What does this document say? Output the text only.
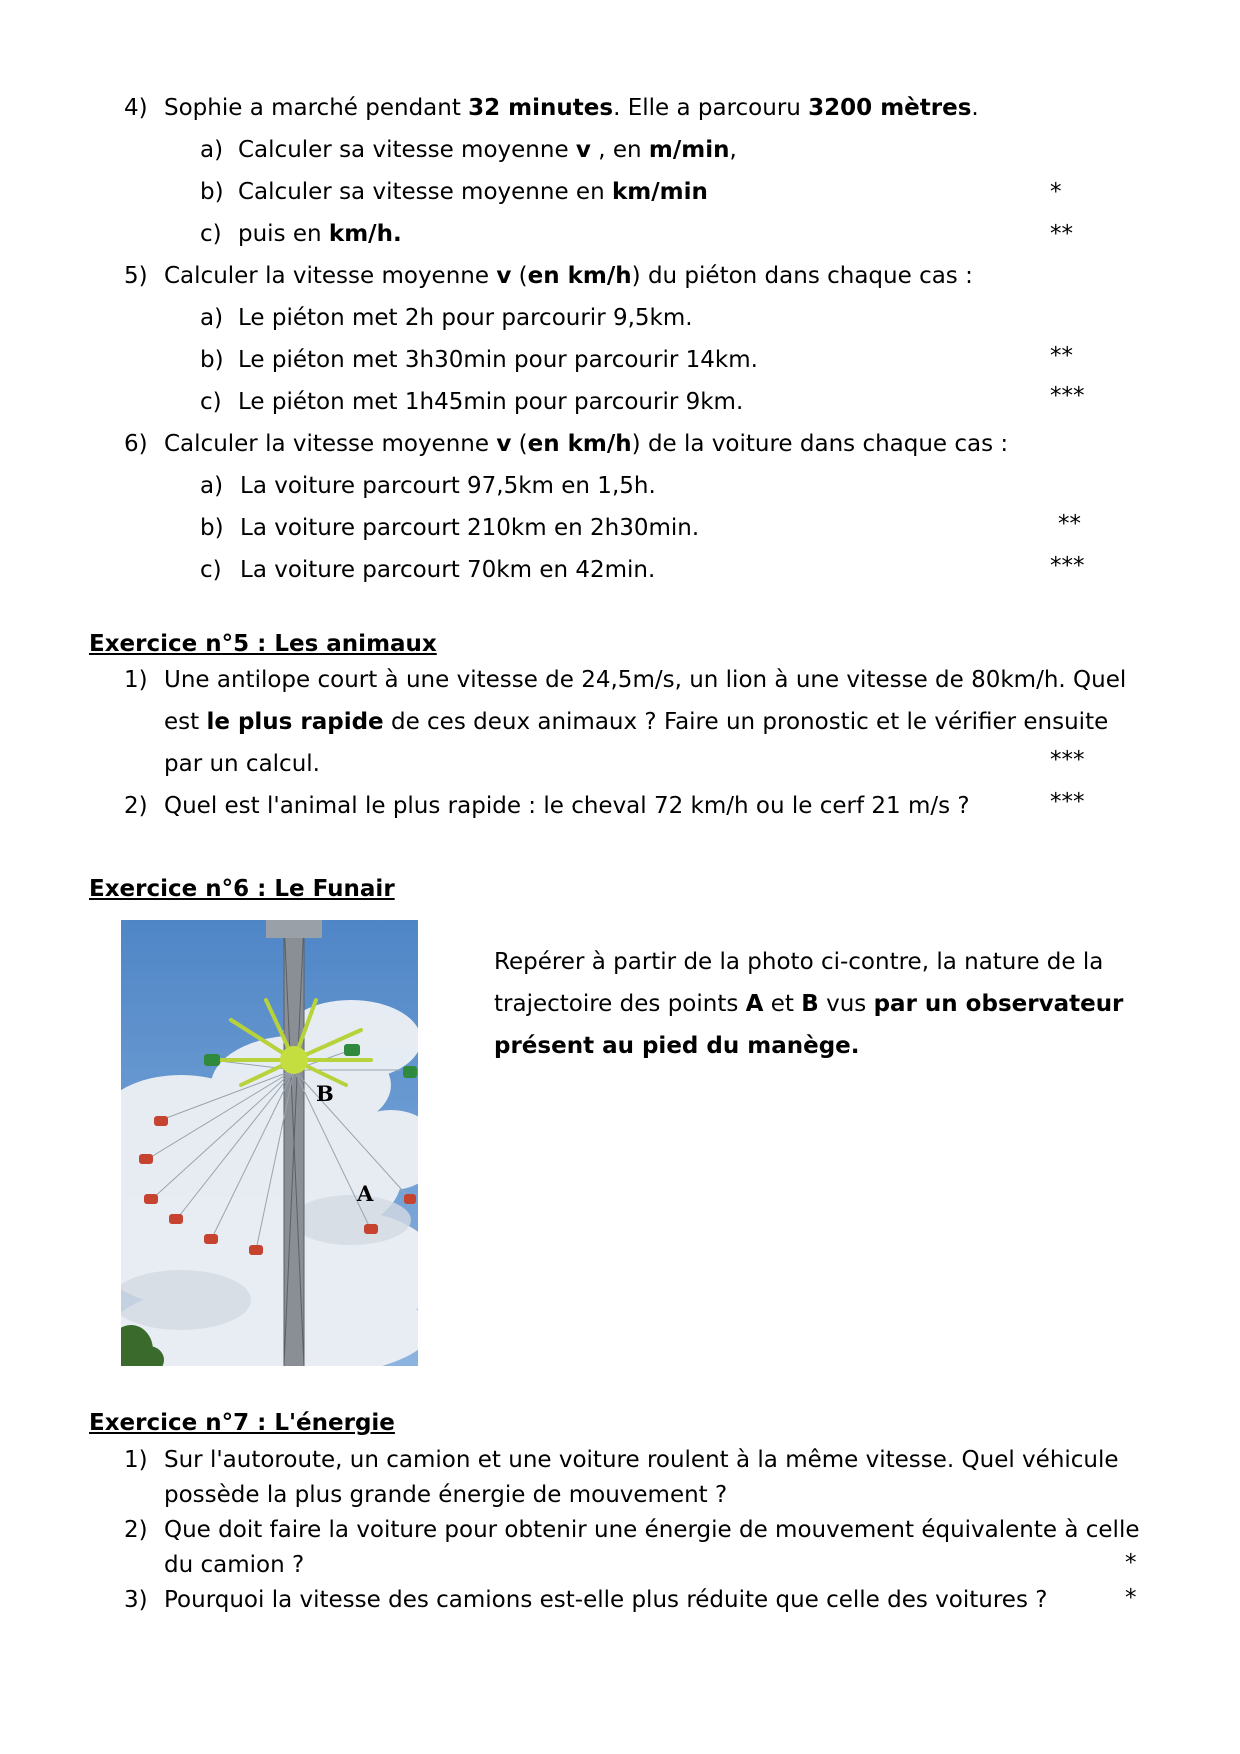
4) Sophie a marché pendant 32 minutes. Elle a parcouru 3200 mètres.
a) Calculer sa vitesse moyenne v , en m/min,
b) Calculer sa vitesse moyenne en km/min	*
c) puis en km/h.	**
5) Calculer la vitesse moyenne v (en km/h) du piéton dans chaque cas :
a) Le piéton met 2h pour parcourir 9,5km.
b) Le piéton met 3h30min pour parcourir 14km.	**
c) Le piéton met 1h45min pour parcourir 9km.	***
6) Calculer la vitesse moyenne v (en km/h) de la voiture dans chaque cas :
a) La voiture parcourt 97,5km en 1,5h.
b) La voiture parcourt 210km en 2h30min.	**
c) La voiture parcourt 70km en 42min.	***
Exercice n°5 : Les animaux
1) Une antilope court à une vitesse de 24,5m/s, un lion à une vitesse de 80km/h. Quel
est le plus rapide de ces deux animaux ? Faire un pronostic et le vérifier ensuite
par un calcul.	***
2) Quel est l'animal le plus rapide : le cheval 72 km/h ou le cerf 21 m/s ?	***
Exercice n°6 : Le Funair
B
A
Repérer à partir de la photo ci-contre, la nature de la
trajectoire des points A et B vus par un observateur
présent au pied du manège.
Exercice n°7 : L'énergie
1) Sur l'autoroute, un camion et une voiture roulent à la même vitesse. Quel véhicule
possède la plus grande énergie de mouvement ?
2) Que doit faire la voiture pour obtenir une énergie de mouvement équivalente à celle
du camion ?	*
3) Pourquoi la vitesse des camions est-elle plus réduite que celle des voitures ?	*
